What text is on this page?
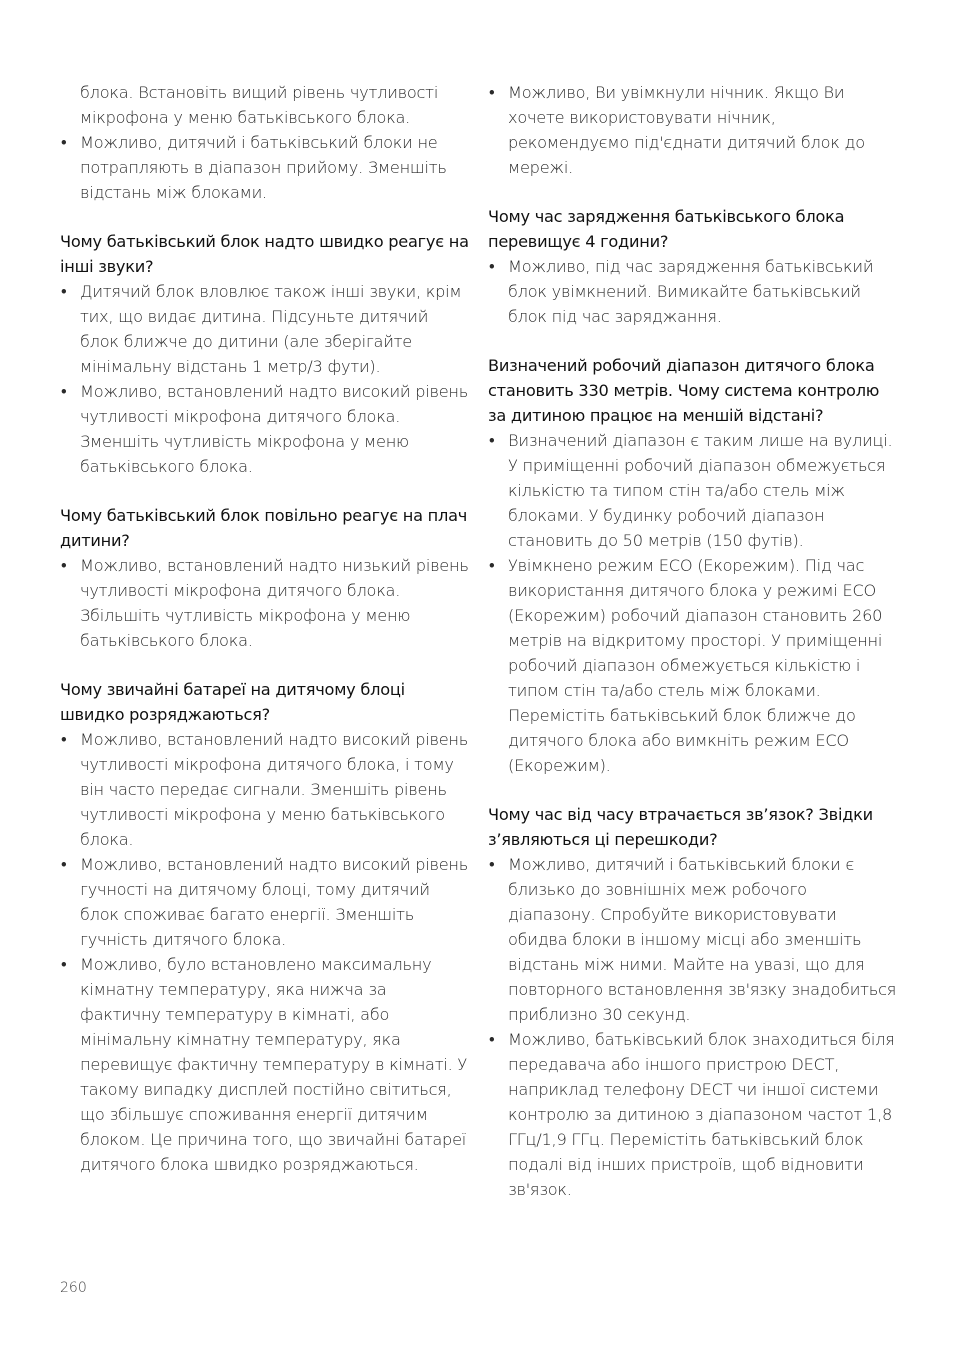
блока. Встановіть вищий рівень чутливості мікрофона у меню батьківського блока.

• Можливо, дитячий і батьківський блоки не потрапляють в діапазон прийому. Зменшіть відстань між блоками.
Чому батьківський блок надто швидко реагує на інші звуки?
• Дитячий блок вловлює також інші звуки, крім тих, що видає дитина. Підсуньте дитячий блок ближче до дитини (але зберігайте мінімальну відстань 1 метр/3 фути).
• Можливо, встановлений надто високий рівень чутливості мікрофона дитячого блока. Зменшіть чутливість мікрофона у меню батьківського блока.
Чому батьківський блок повільно реагує на плач дитини?
• Можливо, встановлений надто низький рівень чутливості мікрофона дитячого блока. Збільшіть чутливість мікрофона у меню батьківського блока.
Чому звичайні батареї на дитячому блоці швидко розряджаються?
• Можливо, встановлений надто високий рівень чутливості мікрофона дитячого блока, і тому він часто передає сигнали. Зменшіть рівень чутливості мікрофона у меню батьківського блока.
• Можливо, встановлений надто високий рівень гучності на дитячому блоці, тому дитячий блок споживає багато енергії. Зменшіть гучність дитячого блока.
• Можливо, було встановлено максимальну кімнатну температуру, яка нижча за фактичну температуру в кімнаті, або мінімальну кімнатну температуру, яка перевищує фактичну температуру в кімнаті. У такому випадку дисплей постійно світиться, що збільшує споживання енергії дитячим блоком. Це причина того, що звичайні батареї дитячого блока швидко розряджаються.
• Можливо, Ви увімкнули нічник. Якщо Ви хочете використовувати нічник, рекомендуємо під'єднати дитячий блок до мережі.
Чому час зарядження батьківського блока перевищує 4 години?
• Можливо, під час зарядження батьківський блок увімкнений. Вимикайте батьківський блок під час заряджання.
Визначений робочий діапазон дитячого блока становить 330 метрів. Чому система контролю за дитиною працює на меншій відстані?
• Визначений діапазон є таким лише на вулиці. У приміщенні робочий діапазон обмежується кількістю та типом стін та/або стель між блоками. У будинку робочий діапазон становить до 50 метрів (150 футів).
• Увімкнено режим ECO (Екорежим). Під час використання дитячого блока у режимі ECO (Екорежим) робочий діапазон становить 260 метрів на відкритому просторі. У приміщенні робочий діапазон обмежується кількістю і типом стін та/або стель між блоками. Перемістіть батьківський блок ближче до дитячого блока або вимкніть режим ECO (Екорежим).
Чому час від часу втрачається зв’язок? Звідки з’являються ці перешкоди?
• Можливо, дитячий і батьківський блоки є близько до зовнішніх меж робочого діапазону. Спробуйте використовувати обидва блоки в іншому місці або зменшіть відстань між ними. Майте на увазі, що для повторного встановлення зв'язку знадобиться приблизно 30 секунд.
• Можливо, батьківський блок знаходиться біля передавача або іншого пристрою DECT, наприклад телефону DECT чи іншої системи контролю за дитиною з діапазоном частот 1,8 ГГц/1,9 ГГц. Перемістіть батьківський блок подалі від інших пристроїв, щоб відновити зв'язок.
260
